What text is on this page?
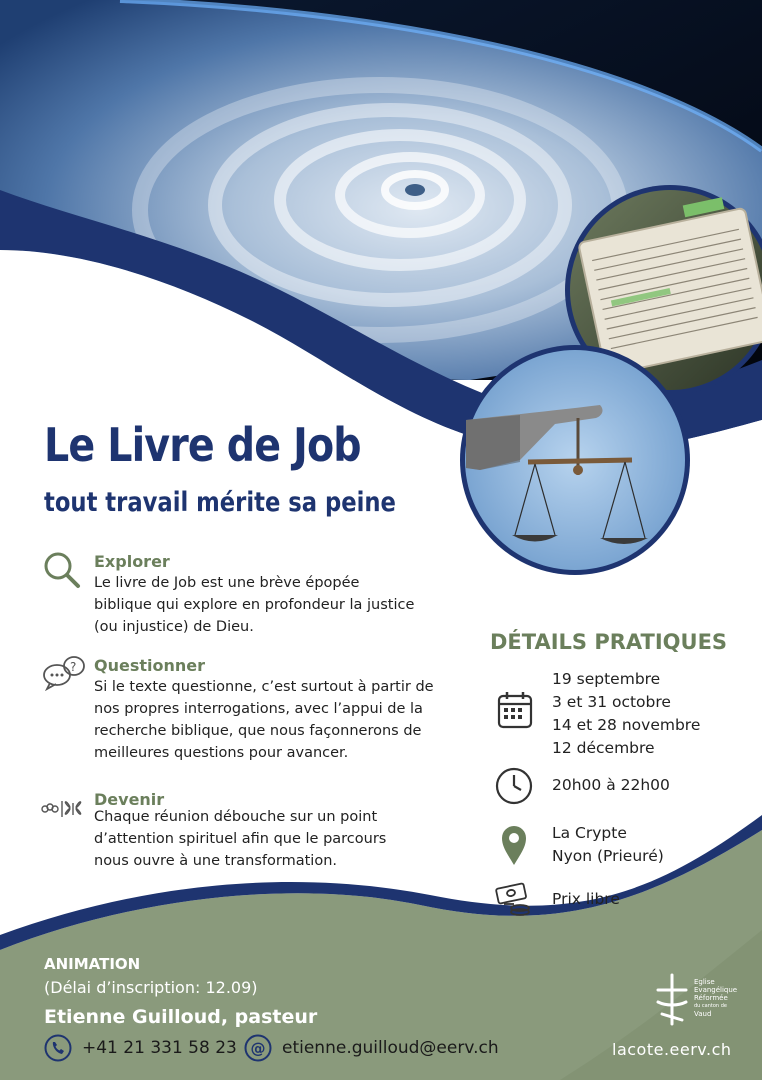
Le Livre de Job
tout travail mérite sa peine
Explorer

Le livre de Job est une brève épopée

biblique qui explore en profondeur la justice

(ou injustice) de Dieu.

? Questionner

Si le texte questionne, c’est surtout à partir de

nos propres interrogations, avec l’appui de la

recherche biblique, que nous façonnerons de

meilleures questions pour avancer.

Devenir

Chaque réunion débouche sur un point

d’attention spirituel afin que le parcours

nous ouvre à une transformation.

DÉTAILS PRATIQUES
19 septembre
3 et 31 octobre
14 et 28 novembre
12 décembre
20h00 à 22h00
La Crypte
Nyon (Prieuré)
Prix libre
ANIMATION
(Délai d’inscription: 12.09)
Etienne Guilloud, pasteur
+41 21 331 58 23 @ etienne.guilloud@eerv.ch
Eglise
Evangélique
Réformée
du canton de
Vaud
lacote.eerv.ch
